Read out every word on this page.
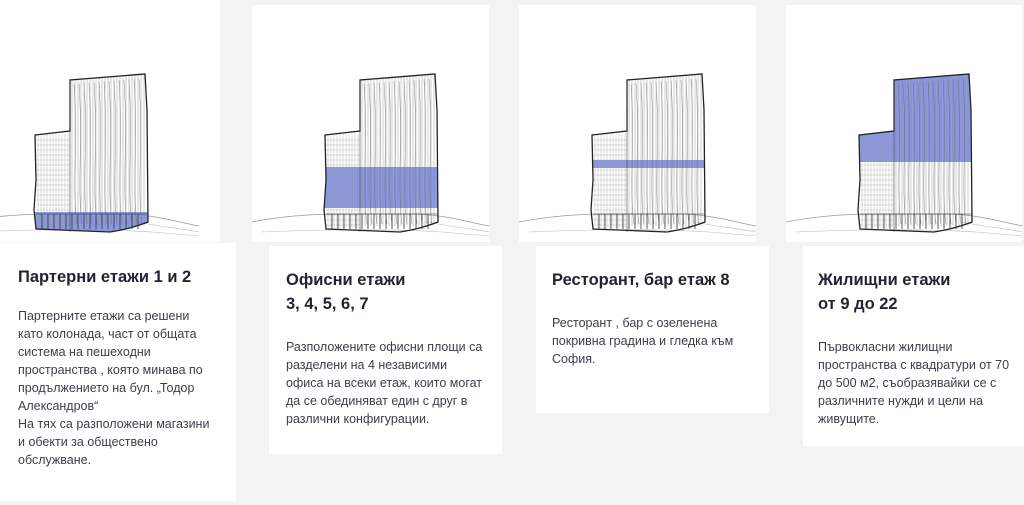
Партерни етажи 1 и 2

Партерните етажи са решени
като колонада, част от общата
система на пешеходни
пространства , която минава по
продължението на бул. „Тодор
Александров“
На тях са разположени магазини
и обекти за обществено
обслужване.

Офисни етажи

3, 4, 5, 6, 7

Разположените офисни площи са
разделени на 4 независими
офиса на всеки етаж, които могат
да се обединяват един с друг в
различни конфигурации.

Ресторант, бар етаж 8

Ресторант , бар с озеленена
покривна градина и гледка към
София.

Жилищни етажи

от 9 до 22

Първокласни жилищни
пространства с квадратури от 70
до 500 м2, съобразявайки се с
различните нужди и цели на
живущите.
